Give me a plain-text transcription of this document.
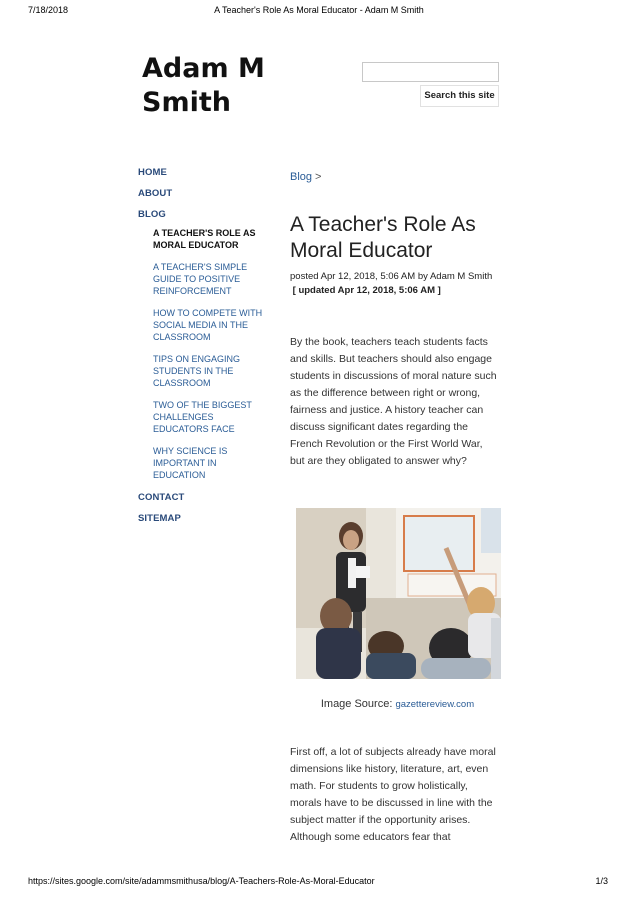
7/18/2018	A Teacher's Role As Moral Educator - Adam M Smith
Adam M Smith	Search this site
HOME
ABOUT
BLOG
A TEACHER'S ROLE AS MORAL EDUCATOR
A TEACHER'S SIMPLE GUIDE TO POSITIVE REINFORCEMENT
HOW TO COMPETE WITH SOCIAL MEDIA IN THE CLASSROOM
TIPS ON ENGAGING STUDENTS IN THE CLASSROOM
TWO OF THE BIGGEST CHALLENGES EDUCATORS FACE
WHY SCIENCE IS IMPORTANT IN EDUCATION
CONTACT
SITEMAP
Blog >
A Teacher's Role As Moral Educator
posted Apr 12, 2018, 5:06 AM by Adam M Smith  [ updated Apr 12, 2018, 5:06 AM ]

By the book, teachers teach students facts and skills. But teachers should also engage students in discussions of moral nature such as the difference between right or wrong, fairness and justice. A history teacher can discuss significant dates regarding the French Revolution or the First World War, but are they obligated to answer why?

Image Source: gazettereview.com

First off, a lot of subjects already have moral dimensions like history, literature, art, even math. For students to grow holistically, morals have to be discussed in line with the subject matter if the opportunity arises. Although some educators fear that

https://sites.google.com/site/adammsmithusa/blog/A-Teachers-Role-As-Moral-Educator	1/3
